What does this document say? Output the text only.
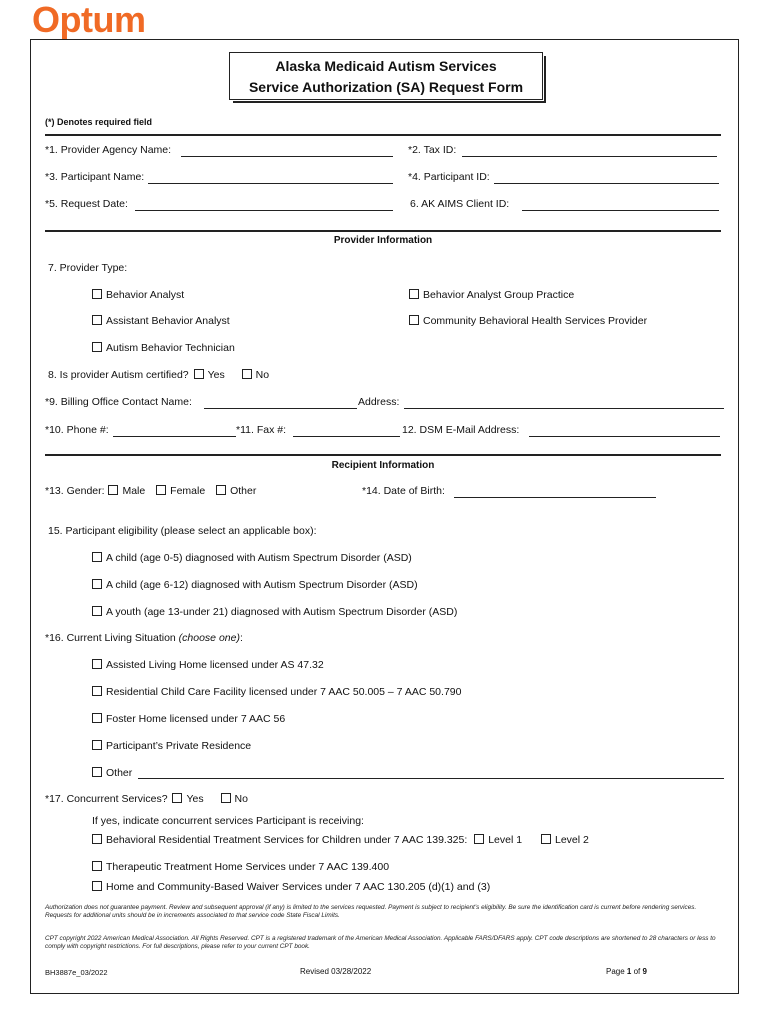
Optum
Alaska Medicaid Autism Services
Service Authorization (SA) Request Form
(*) Denotes required field
*1. Provider Agency Name:	*2. Tax ID:
*3. Participant Name:	*4. Participant ID:
*5. Request Date:	6. AK AIMS Client ID:
Provider Information
7. Provider Type:
Behavior Analyst	Behavior Analyst Group Practice
Assistant Behavior Analyst	Community Behavioral Health Services Provider
Autism Behavior Technician
8. Is provider Autism certified? Yes	No
*9. Billing Office Contact Name:	Address:
*10. Phone #:	*11. Fax #:	12. DSM E-Mail Address:
Recipient Information
*13. Gender: Male Female Other	*14. Date of Birth:
15. Participant eligibility (please select an applicable box):
A child (age 0-5) diagnosed with Autism Spectrum Disorder (ASD)
A child (age 6-12) diagnosed with Autism Spectrum Disorder (ASD)
A youth (age 13-under 21) diagnosed with Autism Spectrum Disorder (ASD)
*16. Current Living Situation (choose one):
Assisted Living Home licensed under AS 47.32
Residential Child Care Facility licensed under 7 AAC 50.005 – 7 AAC 50.790
Foster Home licensed under 7 AAC 56
Participant’s Private Residence
Other
*17. Concurrent Services? Yes	No
If yes, indicate concurrent services Participant is receiving:
Behavioral Residential Treatment Services for Children under 7 AAC 139.325: Level 1	Level 2
Therapeutic Treatment Home Services under 7 AAC 139.400
Home and Community-Based Waiver Services under 7 AAC 130.205 (d)(1) and (3)
Authorization does not guarantee payment. Review and subsequent approval (if any) is limited to the services requested. Payment is subject to recipient’s eligibility. Be sure the identification card is current before rendering services. Requests for additional units should be in increments associated to that service code State Fiscal Limits.
CPT copyright 2022 American Medical Association. All Rights Reserved. CPT is a registered trademark of the American Medical Association. Applicable FARS/DFARS apply. CPT code descriptions are shortened to 28 characters or less to comply with copyright restrictions. For full descriptions, please refer to your current CPT book.
BH3887e_03/2022	Revised 03/28/2022	Page 1 of 9
